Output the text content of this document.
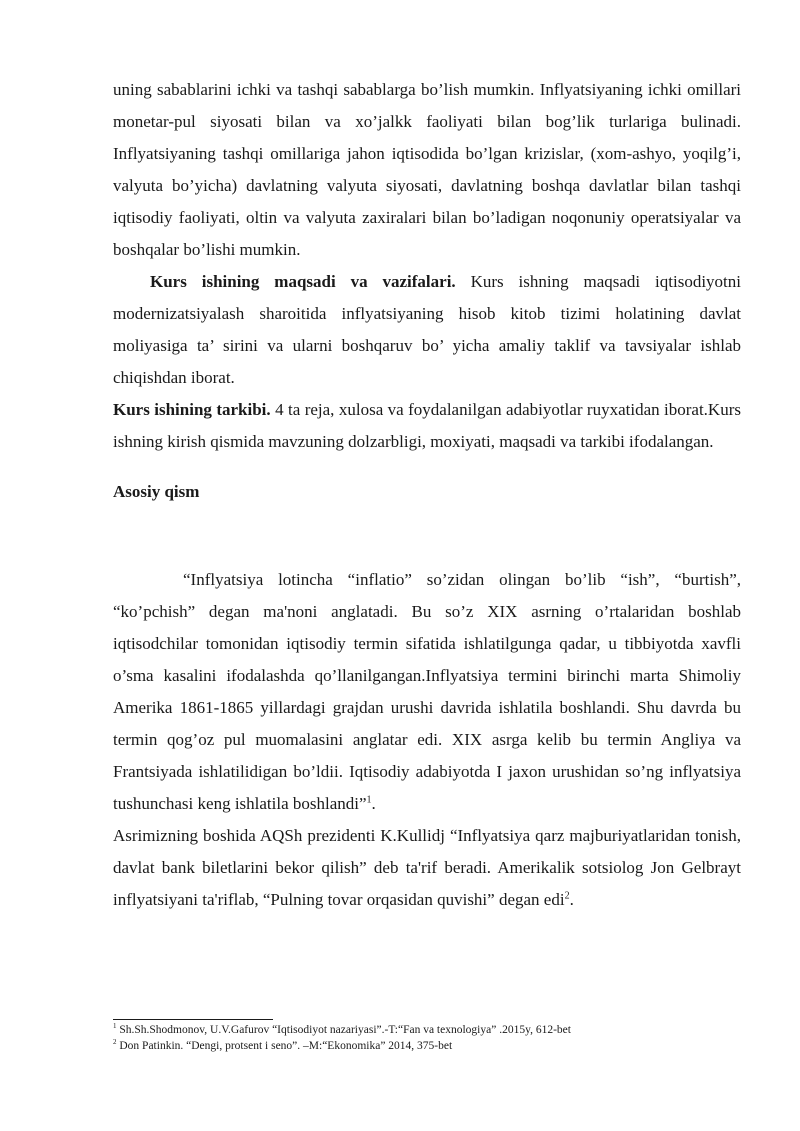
uning sabablarini ichki va tashqi sabablarga bo’lish mumkin. Inflyatsiyaning ichki omillari monetar-pul siyosati bilan va xo’jalkk faoliyati bilan bog’lik turlariga bulinadi. Inflyatsiyaning tashqi omillariga jahon iqtisodida bo’lgan krizislar, (xom-ashyo, yoqilg’i, valyuta bo’yicha) davlatning valyuta siyosati, davlatning boshqa davlatlar bilan tashqi iqtisodiy faoliyati, oltin va valyuta zaxiralari bilan bo’ladigan noqonuniy operatsiyalar va boshqalar bo’lishi mumkin.

Kurs ishining maqsadi va vazifalari. Kurs ishning maqsadi iqtisodiyotni modernizatsiyalash sharoitida inflyatsiyaning hisob kitob tizimi holatining davlat moliyasiga ta’ sirini va ularni boshqaruv bo’ yicha amaliy taklif va tavsiyalar ishlab chiqishdan iborat.

Kurs ishining tarkibi. 4 ta reja, xulosa va foydalanilgan adabiyotlar ruyxatidan iborat.Kurs ishning kirish qismida mavzuning dolzarbligi, moxiyati, maqsadi va tarkibi ifodalangan.

Asosiy qism

“Inflyatsiya lotincha “inflatio” so’zidan olingan bo’lib “ish”, “burtish”, “ko’pchish” degan ma'noni anglatadi. Bu so’z XIX asrning o’rtalaridan boshlab iqtisodchilar tomonidan iqtisodiy termin sifatida ishlatilgunga qadar, u tibbiyotda xavfli o’sma kasalini ifodalashda qo’llanilgangan.Inflyatsiya termini birinchi marta Shimoliy Amerika 1861-1865 yillardagi grajdan urushi davrida ishlatila boshlandi. Shu davrda bu termin qog’oz pul muomalasini anglatar edi. XIX asrga kelib bu termin Angliya va Frantsiyada ishlatilidigan bo’ldii. Iqtisodiy adabiyotda I jaxon urushidan so’ng inflyatsiya tushunchasi keng ishlatila boshlandi”$^1$.

Asrimizning boshida AQSh prezidenti K.Kullidj “Inflyatsiya qarz majburiyatlaridan tonish, davlat bank biletlarini bekor qilish” deb ta'rif beradi. Amerikalik sotsiolog Jon Gelbrayt inflyatsiyani ta'riflab, “Pulning tovar orqasidan quvishi” degan edi$^2$.

$^1$ Sh.Sh.Shodmonov, U.V.Gafurov “Iqtisodiyot nazariyasi”.-T:“Fan va texnologiya” .2015y, 612-bet

$^2$ Don Patinkin. “Dengi, protsent i seno”. –M:“Ekonomika” 2014, 375-bet
